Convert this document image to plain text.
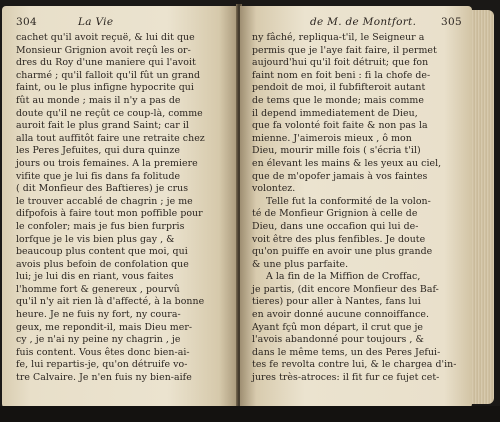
304	La Vie
cachet qu'il avoit reçuë, & lui dit que
Monsieur Grignion avoit reçû les or-
dres du Roy d'une maniere qui l'avoit
charmé ; qu'il falloit qu'il fût un grand
faint, ou le plus infigne hypocrite qui
fût au monde ; mais il n'y a pas de
doute qu'il ne reçût ce coup-là, comme
auroit fait le plus grand Saint; car il
alla tout auffitôt faire une retraite chez
les Peres Jefuites, qui dura quinze
jours ou trois femaines. A la premiere
vifite que je lui fis dans fa folitude
( dit Monfieur des Baftieres) je crus
le trouver accablé de chagrin ; je me
difpofois à faire tout mon poffible pour
le confoler; mais je fus bien furpris
lorfque je le vis bien plus gay , &
beaucoup plus content que moi, qui
avois plus befoin de confolation que
lui; je lui dis en riant, vous faites
l'homme fort & genereux , pourvû
qu'il n'y ait rien là d'affecté, à la bonne
heure. Je ne fuis ny fort, ny coura-
geux, me repondit-il, mais Dieu mer-
cy , je n'ai ny peine ny chagrin , je
fuis content. Vous êtes donc bien-ai-
fe, lui repartis-je, qu'on détruife vo-
tre Calvaire. Je n'en fuis ny bien-aife
de M. de Montfort. 305
ny fâché, repliqua-t'il, le Seigneur a
permis que je l'aye fait faire, il permet
aujourd'hui qu'il foit détruit; que fon
faint nom en foit beni : fi la chofe de-
pendoit de moi, il fubfifteroit autant
de tems que le monde; mais comme
il depend immediatement de Dieu,
que fa volonté foit faite & non pas la
mienne. J'aimerois mieux , ô mon
Dieu, mourir mille fois ( s'écria t'il)
en élevant les mains & les yeux au ciel,
que de m'opofer jamais à vos faintes
volontez.
Telle fut la conformité de la volon-
té de Monfieur Grignion à celle de
Dieu, dans une occafion qui lui de-
voit être des plus fenfibles. Je doute
qu'on puiffe en avoir une plus grande
& une plus parfaite.
A la fin de la Miffion de Croffac,
je partis, (dit encore Monfieur des Baf-
tieres) pour aller à Nantes, fans lui
en avoir donné aucune connoiffance.
Ayant fçû mon départ, il crut que je
l'avois abandonné pour toujours , &
dans le même tems, un des Peres Jefui-
tes fe revolta contre lui, & le chargea d'in-
jures très-atroces: il fit fur ce fujet cet-
